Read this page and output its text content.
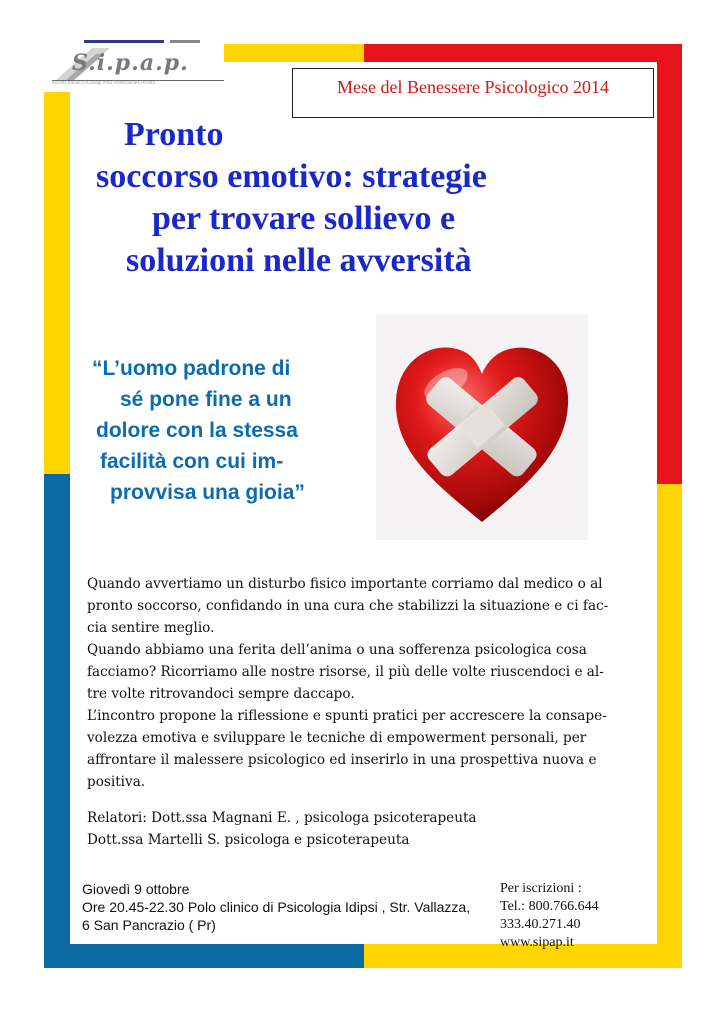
S.i.p.a.p.
Società Italiana Psicologi Area Professionale Privata	Mese del Benessere Psicologico 2014
Pronto
soccorso emotivo: strategie
per trovare sollievo e
soluzioni nelle avversità
“L’uomo padrone di
sé pone fine a un
dolore con la stessa
facilità con cui im-
provvisa una gioia”
Quando avvertiamo un disturbo fisico importante corriamo dal medico o al
pronto soccorso, confidando in una cura che stabilizzi la situazione e ci fac-
cia sentire meglio.
Quando abbiamo una ferita dell’anima o una sofferenza psicologica cosa
facciamo? Ricorriamo alle nostre risorse, il più delle volte riuscendoci e al-
tre volte ritrovandoci sempre daccapo.
L’incontro propone la riflessione e spunti pratici per accrescere la consape-
volezza emotiva e sviluppare le tecniche di empowerment personali, per
affrontare il malessere psicologico ed inserirlo in una prospettiva nuova e
positiva.
Relatori: Dott.ssa Magnani E. , psicologa psicoterapeuta
Dott.ssa Martelli S. psicologa e psicoterapeuta
Giovedì 9 ottobre
Ore 20.45-22.30 Polo clinico di Psicologia Idipsi , Str. Vallazza,
6 San Pancrazio ( Pr)
Per iscrizioni :
Tel.: 800.766.644
333.40.271.40
www.sipap.it
